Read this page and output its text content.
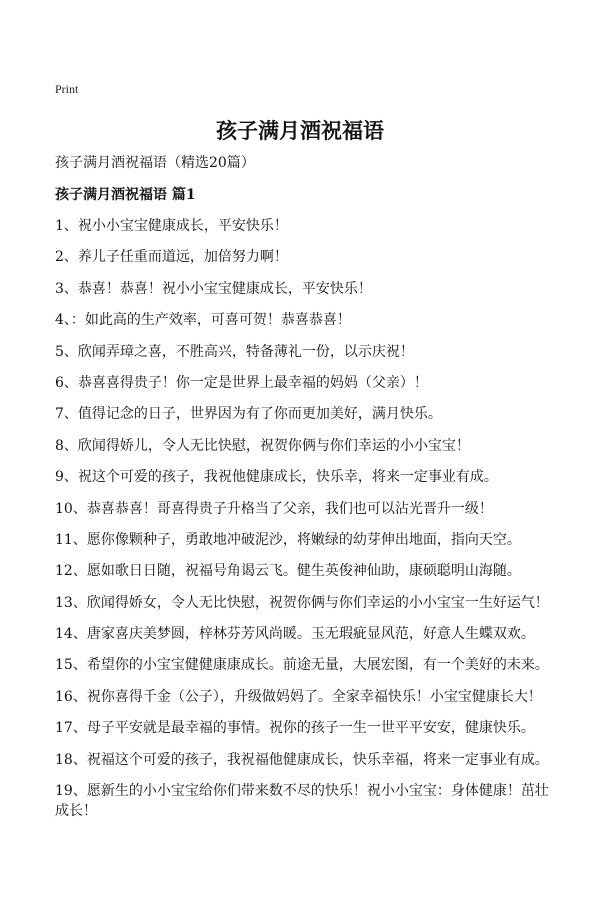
Print
孩子满月酒祝福语
孩子满月酒祝福语（精选20篇）
孩子满月酒祝福语 篇1
1、祝小小宝宝健康成长，平安快乐！
2、养儿子任重而道远，加倍努力啊！
3、恭喜！恭喜！祝小小宝宝健康成长，平安快乐！
4、：如此高的生产效率，可喜可贺！恭喜恭喜！
5、欣闻弄璋之喜，不胜高兴，特备薄礼一份，以示庆祝！
6、恭喜喜得贵子！你一定是世界上最幸福的妈妈（父亲）！
7、值得记念的日子，世界因为有了你而更加美好，满月快乐。
8、欣闻得娇儿，令人无比快慰，祝贺你俩与你们幸运的小小宝宝！
9、祝这个可爱的孩子，我祝他健康成长，快乐幸，将来一定事业有成。
10、恭喜恭喜！哥喜得贵子升格当了父亲，我们也可以沾光晋升一级！
11、愿你像颗种子，勇敢地冲破泥沙，将嫩绿的幼芽伸出地面，指向天空。
12、愿如歌日日随，祝福号角谒云飞。健生英俊神仙助，康硕聪明山海随。
13、欣闻得娇女，令人无比快慰，祝贺你俩与你们幸运的小小宝宝一生好运气！
14、唐家喜庆美梦圆，梓林芬芳风尚暖。玉无瑕疵显风范，好意人生蝶双欢。
15、希望你的小宝宝健健康康成长。前途无量，大展宏图，有一个美好的未来。
16、祝你喜得千金（公子），升级做妈妈了。全家幸福快乐！小宝宝健康长大！
17、母子平安就是最幸福的事情。祝你的孩子一生一世平平安安，健康快乐。
18、祝福这个可爱的孩子，我祝福他健康成长，快乐幸福，将来一定事业有成。
19、愿新生的小小宝宝给你们带来数不尽的快乐！祝小小宝宝：身体健康！茁壮成长！
